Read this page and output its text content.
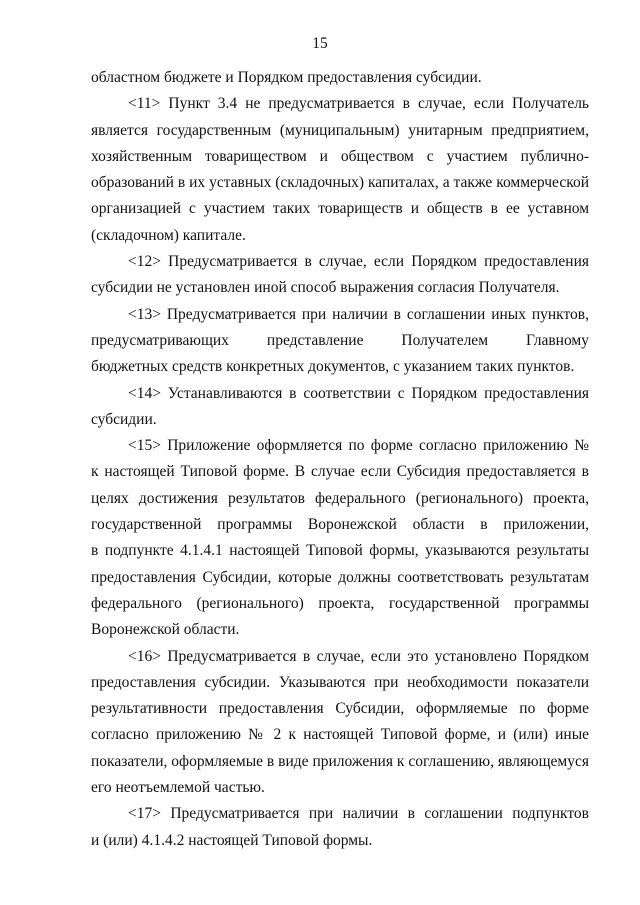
15
областном бюджете и Порядком предоставления субсидии.
<11> Пункт 3.4 не предусматривается в случае, если Получатель
является государственным (муниципальным) унитарным предприятием,
хозяйственным товариществом и обществом с участием публично-
образований в их уставных (складочных) капиталах, а также коммерческой
организацией с участием таких товариществ и обществ в ее уставном
(складочном) капитале.
<12> Предусматривается в случае, если Порядком предоставления
субсидии не установлен иной способ выражения согласия Получателя.
<13> Предусматривается при наличии в соглашении иных пунктов,
предусматривающих представление Получателем Главному
бюджетных средств конкретных документов, с указанием таких пунктов.
<14> Устанавливаются в соответствии с Порядком предоставления
субсидии.
<15> Приложение оформляется по форме согласно приложению №
к настоящей Типовой форме. В случае если Субсидия предоставляется в
целях достижения результатов федерального (регионального) проекта,
государственной программы Воронежской области в приложении,
в подпункте 4.1.4.1 настоящей Типовой формы, указываются результаты
предоставления Субсидии, которые должны соответствовать результатам
федерального (регионального) проекта, государственной программы
Воронежской области.
<16> Предусматривается в случае, если это установлено Порядком
предоставления субсидии. Указываются при необходимости показатели
результативности предоставления Субсидии, оформляемые по форме
согласно приложению № 2 к настоящей Типовой форме, и (или) иные
показатели, оформляемые в виде приложения к соглашению, являющемуся
его неотъемлемой частью.
<17> Предусматривается при наличии в соглашении подпунктов
и (или) 4.1.4.2 настоящей Типовой формы.
